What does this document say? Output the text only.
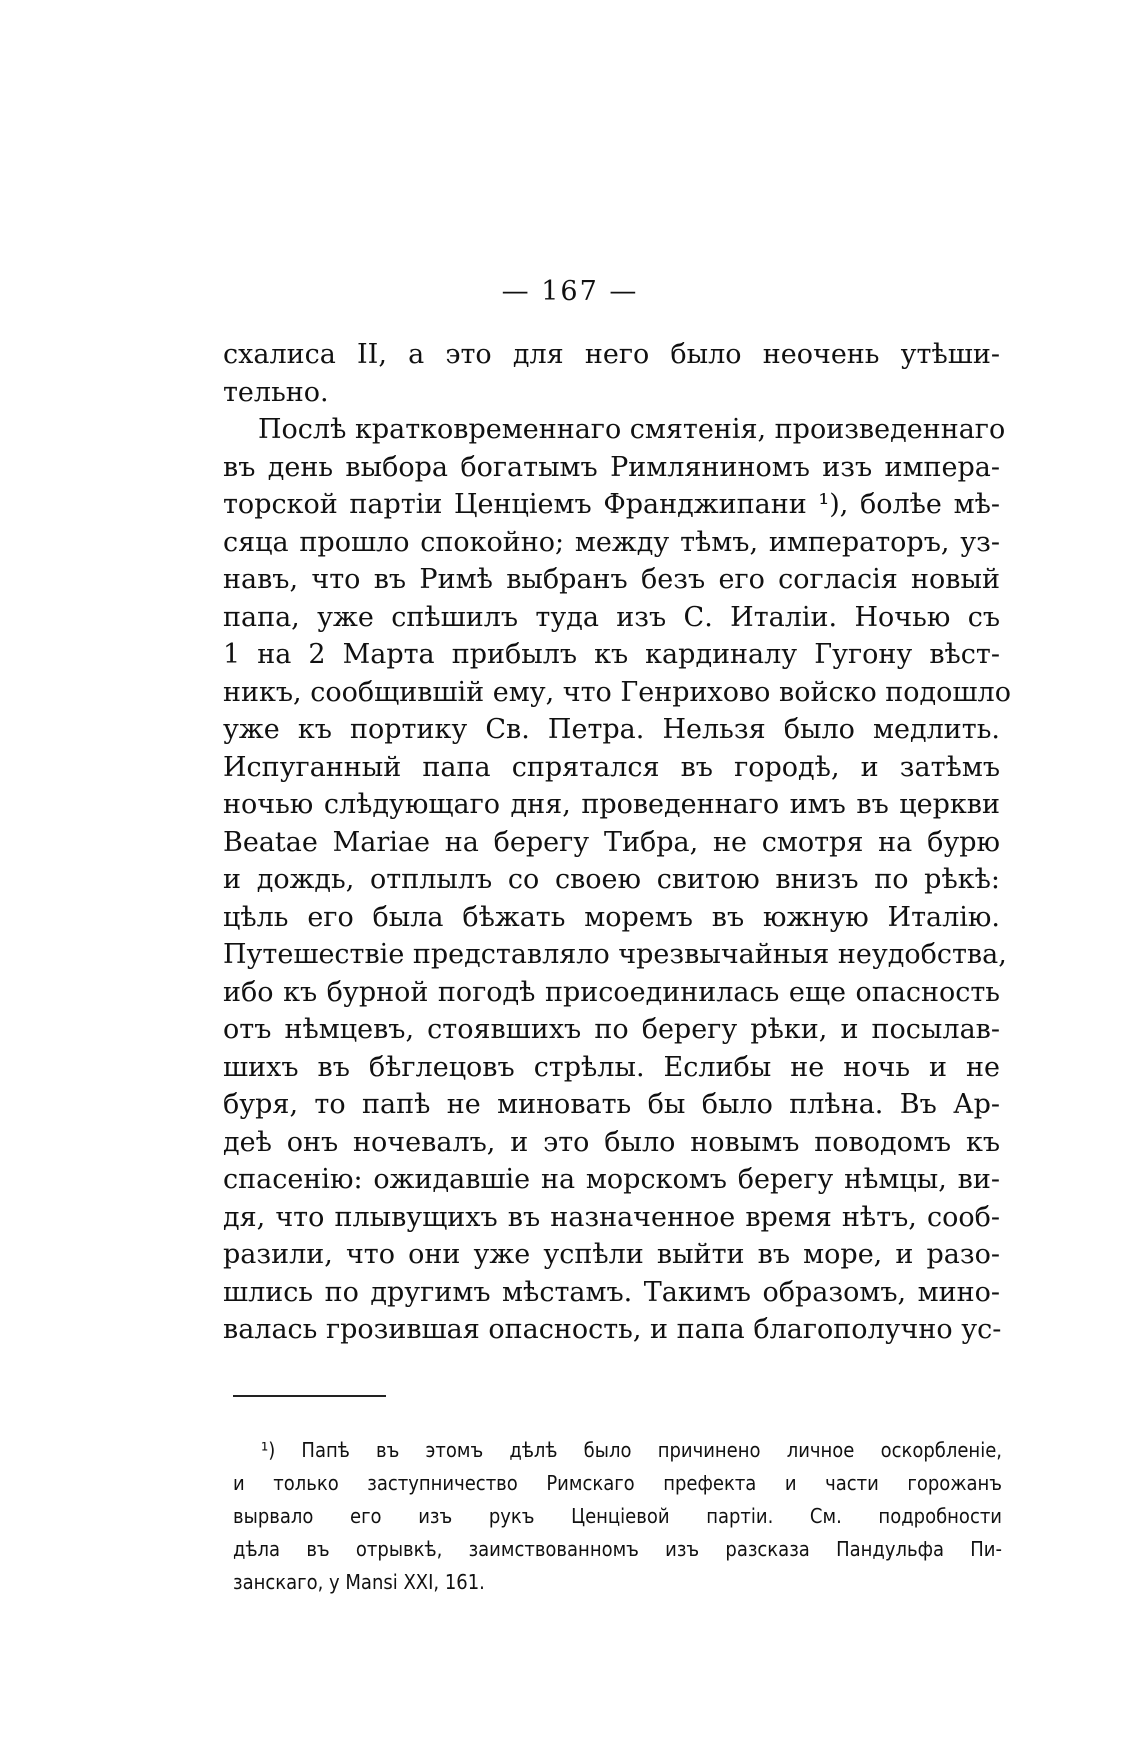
— 167 —
схалиса II, а это для него было неочень утѣши-
тельно.
Послѣ кратковременнаго смятенія, произведеннаго
въ день выбора богатымъ Римляниномъ изъ импера-
торской партіи Ценціемъ Франджипани ¹), болѣе мѣ-
сяца прошло спокойно; между тѣмъ, императоръ, уз-
навъ, что въ Римѣ выбранъ безъ его согласія новый
папа, уже спѣшилъ туда изъ С. Италіи. Ночью съ
1 на 2 Марта прибылъ къ кардиналу Гугону вѣст-
никъ, сообщившій ему, что Генрихово войско подошло
уже къ портику Св. Петра. Нельзя было медлить.
Испуганный папа спрятался въ городѣ, и затѣмъ
ночью слѣдующаго дня, проведеннаго имъ въ церкви
Beatae Mariae на берегу Тибра, не смотря на бурю
и дождь, отплылъ со своею свитою внизъ по рѣкѣ:
цѣль его была бѣжать моремъ въ южную Италію.
Путешествіе представляло чрезвычайныя неудобства,
ибо къ бурной погодѣ присоединилась еще опасность
отъ нѣмцевъ, стоявшихъ по берегу рѣки, и посылав-
шихъ въ бѣглецовъ стрѣлы. Еслибы не ночь и не
буря, то папѣ не миновать бы было плѣна. Въ Ар-
деѣ онъ ночевалъ, и это было новымъ поводомъ къ
спасенію: ожидавшіе на морскомъ берегу нѣмцы, ви-
дя, что плывущихъ въ назначенное время нѣтъ, сооб-
разили, что они уже успѣли выйти въ море, и разо-
шлись по другимъ мѣстамъ. Такимъ образомъ, мино-
валась грозившая опасность, и папа благополучно ус-
¹) Папѣ въ этомъ дѣлѣ было причинено личное оскорбленіе,
и только заступничество Римскаго префекта и части горожанъ
вырвало его изъ рукъ Ценціевой партіи. См. подробности
дѣла въ отрывкѣ, заимствованномъ изъ разсказа Пандульфа Пи-
занскаго, у Mansi XXI, 161.
